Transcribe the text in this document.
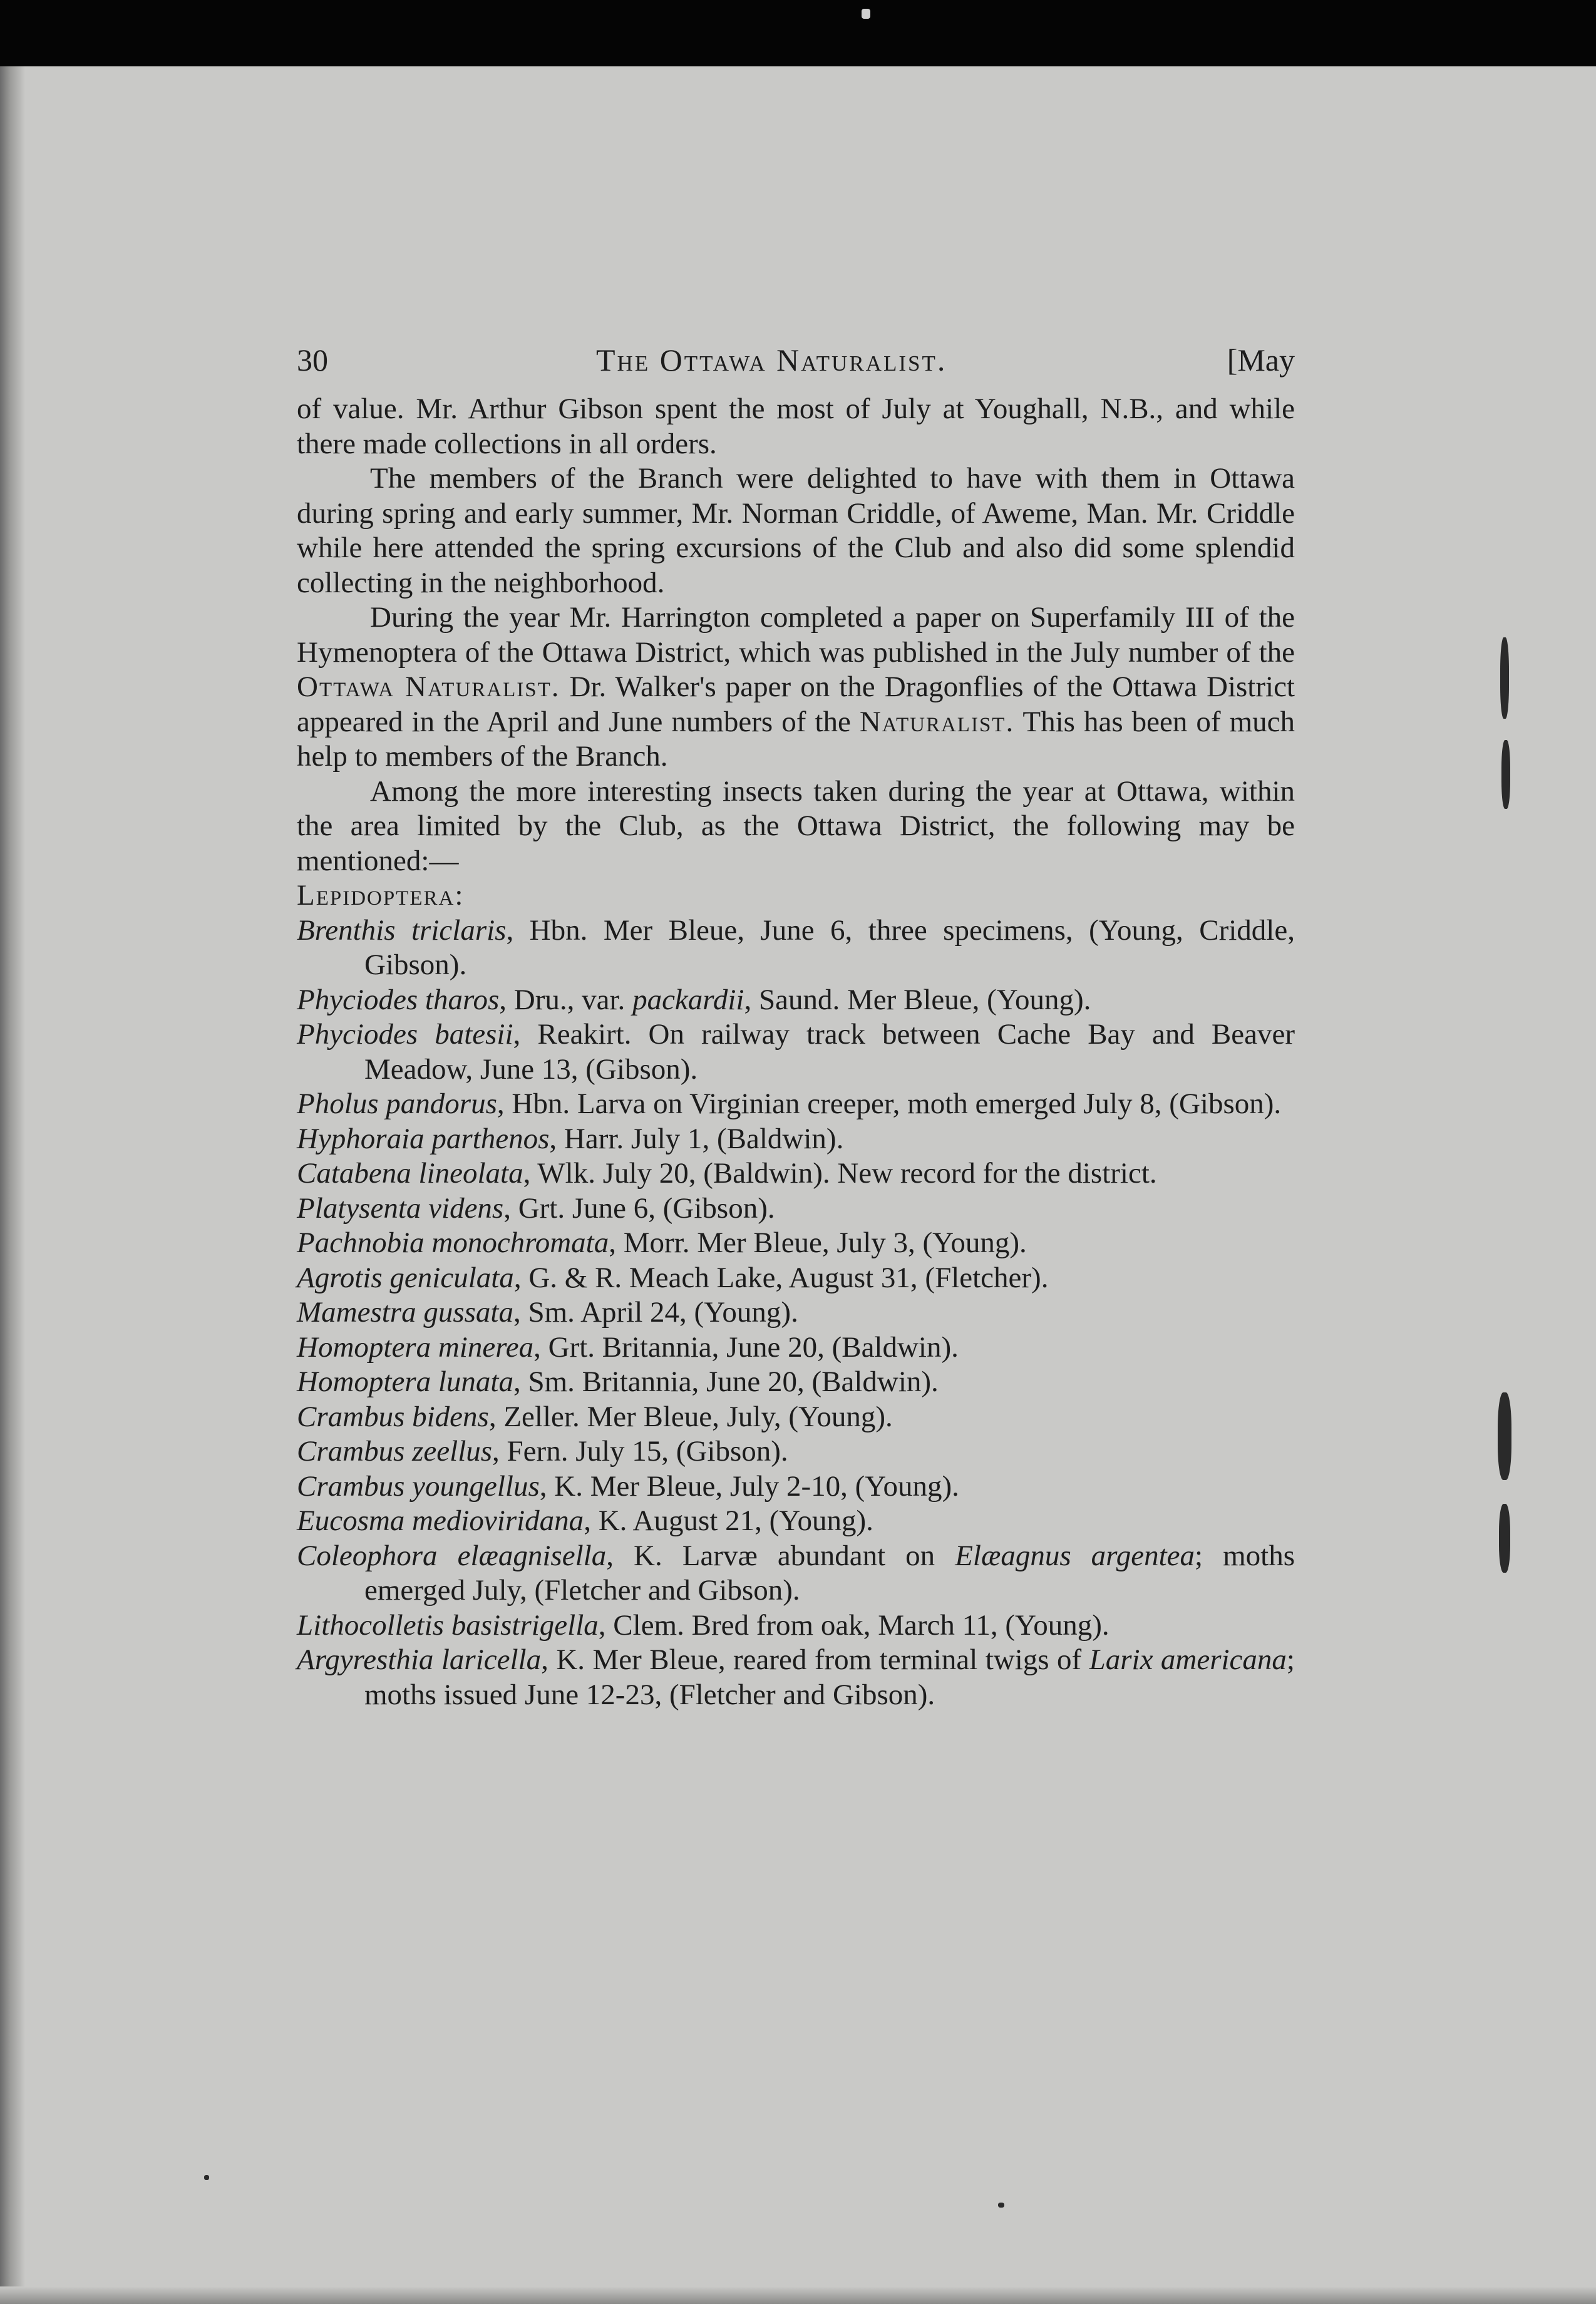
30	The Ottawa Naturalist.	[May

of value. Mr. Arthur Gibson spent the most of July at Youghall, N.B., and while there made collections in all orders.

The members of the Branch were delighted to have with them in Ottawa during spring and early summer, Mr. Norman Criddle, of Aweme, Man. Mr. Criddle while here attended the spring excursions of the Club and also did some splendid collecting in the neighborhood.

During the year Mr. Harrington completed a paper on Superfamily III of the Hymenoptera of the Ottawa District, which was published in the July number of the Ottawa Naturalist. Dr. Walker's paper on the Dragonflies of the Ottawa District appeared in the April and June numbers of the Naturalist. This has been of much help to members of the Branch.

Among the more interesting insects taken during the year at Ottawa, within the area limited by the Club, as the Ottawa District, the following may be mentioned:—

Lepidoptera:

Brenthis triclaris, Hbn. Mer Bleue, June 6, three specimens, (Young, Criddle, Gibson).

Phyciodes tharos, Dru., var. packardii, Saund. Mer Bleue, (Young).

Phyciodes batesii, Reakirt. On railway track between Cache Bay and Beaver Meadow, June 13, (Gibson).

Pholus pandorus, Hbn. Larva on Virginian creeper, moth emerged July 8, (Gibson).

Hyphoraia parthenos, Harr. July 1, (Baldwin).

Catabena lineolata, Wlk. July 20, (Baldwin). New record for the district.

Platysenta videns, Grt. June 6, (Gibson).

Pachnobia monochromata, Morr. Mer Bleue, July 3, (Young).

Agrotis geniculata, G. & R. Meach Lake, August 31, (Fletcher).

Mamestra gussata, Sm. April 24, (Young).

Homoptera minerea, Grt. Britannia, June 20, (Baldwin).

Homoptera lunata, Sm. Britannia, June 20, (Baldwin).

Crambus bidens, Zeller. Mer Bleue, July, (Young).

Crambus zeellus, Fern. July 15, (Gibson).

Crambus youngellus, K. Mer Bleue, July 2-10, (Young).

Eucosma medioviridana, K. August 21, (Young).

Coleophora elæagnisella, K. Larvæ abundant on Elæagnus argentea; moths emerged July, (Fletcher and Gibson).

Lithocolletis basistrigella, Clem. Bred from oak, March 11, (Young).

Argyresthia laricella, K. Mer Bleue, reared from terminal twigs of Larix americana; moths issued June 12-23, (Fletcher and Gibson).
